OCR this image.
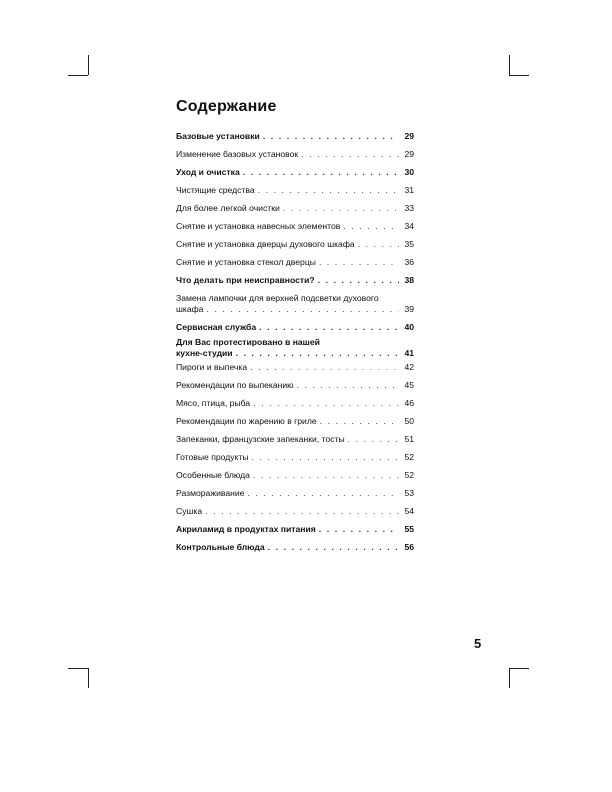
Содержание
Базовые установки . . .	29
Изменение базовых установок . . .	29
Уход и очистка . . .	30
Чистящие средства . . .	31
Для более легкой очистки . . .	33
Снятие и установка навесных элементов . . .	34
Снятие и установка дверцы духового шкафа . . .	35
Снятие и установка стекол дверцы . . .	36
Что делать при неисправности? . . .	38
Замена лампочки для верхней подсветки духового
шкафа . . .	39
Сервисная служба . . .	40
Для Вас протестировано в нашей
кухне-студии . . .	41
Пироги и выпечка . . .	42
Рекомендации по выпеканию . . .	45
Мясо, птица, рыба . . .	46
Рекомендации по жарению в гриле . . .	50
Запеканки, французские запеканки, тосты . . .	51
Готовые продукты . . .	52
Особенные блюда . . .	52
Размораживание . . .	53
Сушка . . .	54
Акриламид в продуктах питания . . .	55
Контрольные блюда . . .	56
5
